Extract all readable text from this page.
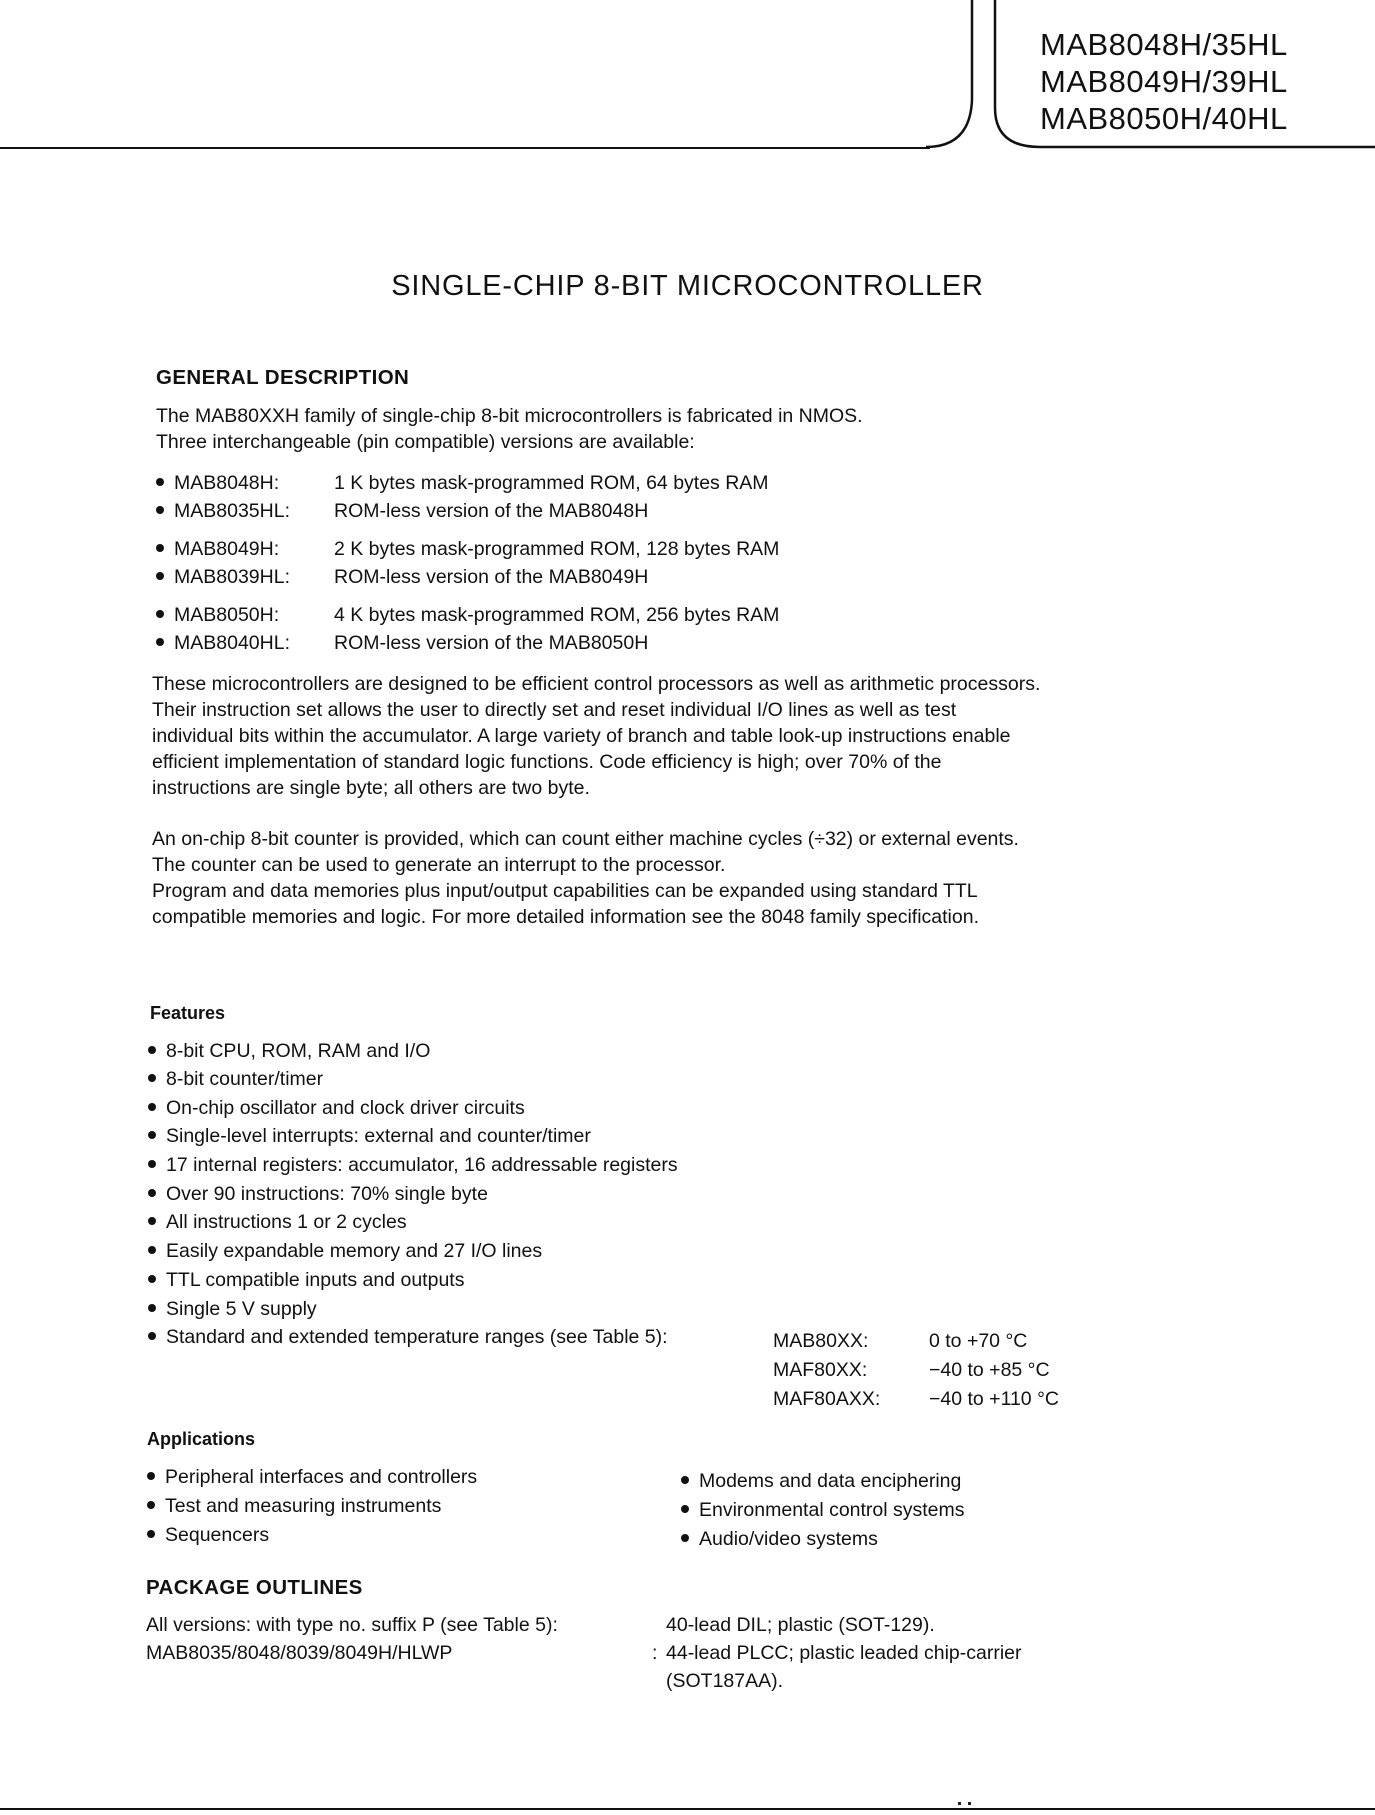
MAB8048H/35HL
MAB8049H/39HL
MAB8050H/40HL
SINGLE-CHIP 8-BIT MICROCONTROLLER
GENERAL DESCRIPTION

The MAB80XXH family of single-chip 8-bit microcontrollers is fabricated in NMOS.

Three interchangeable (pin compatible) versions are available:

MAB8048H:	1 K bytes mask-programmed ROM, 64 bytes RAM
MAB8035HL: ROM-less version of the MAB8048H
MAB8049H:	2 K bytes mask-programmed ROM, 128 bytes RAM
MAB8039HL: ROM-less version of the MAB8049H
MAB8050H:	4 K bytes mask-programmed ROM, 256 bytes RAM
MAB8040HL: ROM-less version of the MAB8050H

These microcontrollers are designed to be efficient control processors as well as arithmetic processors.

Their instruction set allows the user to directly set and reset individual I/O lines as well as test

individual bits within the accumulator. A large variety of branch and table look-up instructions enable

efficient implementation of standard logic functions. Code efficiency is high; over 70% of the

instructions are single byte; all others are two byte.

An on-chip 8-bit counter is provided, which can count either machine cycles (÷32) or external events.

The counter can be used to generate an interrupt to the processor.

Program and data memories plus input/output capabilities can be expanded using standard TTL

compatible memories and logic. For more detailed information see the 8048 family specification.

Features
8-bit CPU, ROM, RAM and I/O
8-bit counter/timer
On-chip oscillator and clock driver circuits
Single-level interrupts: external and counter/timer
17 internal registers: accumulator, 16 addressable registers
Over 90 instructions: 70% single byte
All instructions 1 or 2 cycles
Easily expandable memory and 27 I/O lines
TTL compatible inputs and outputs
Single 5 V supply
Standard and extended temperature ranges (see Table 5):	MAB80XX:	0 to +70 °C
MAF80XX:	−40 to +85 °C
MAF80AXX: −40 to +110 °C
Applications
Peripheral interfaces and controllers
Test and measuring instruments
Sequencers
Modems and data enciphering
Environmental control systems
Audio/video systems
PACKAGE OUTLINES
All versions: with type no. suffix P (see Table 5):	40-lead DIL; plastic (SOT-129).
MAB8035/8048/8039/8049H/HLWP	: 44-lead PLCC; plastic leaded chip-carrier
(SOT187AA).
